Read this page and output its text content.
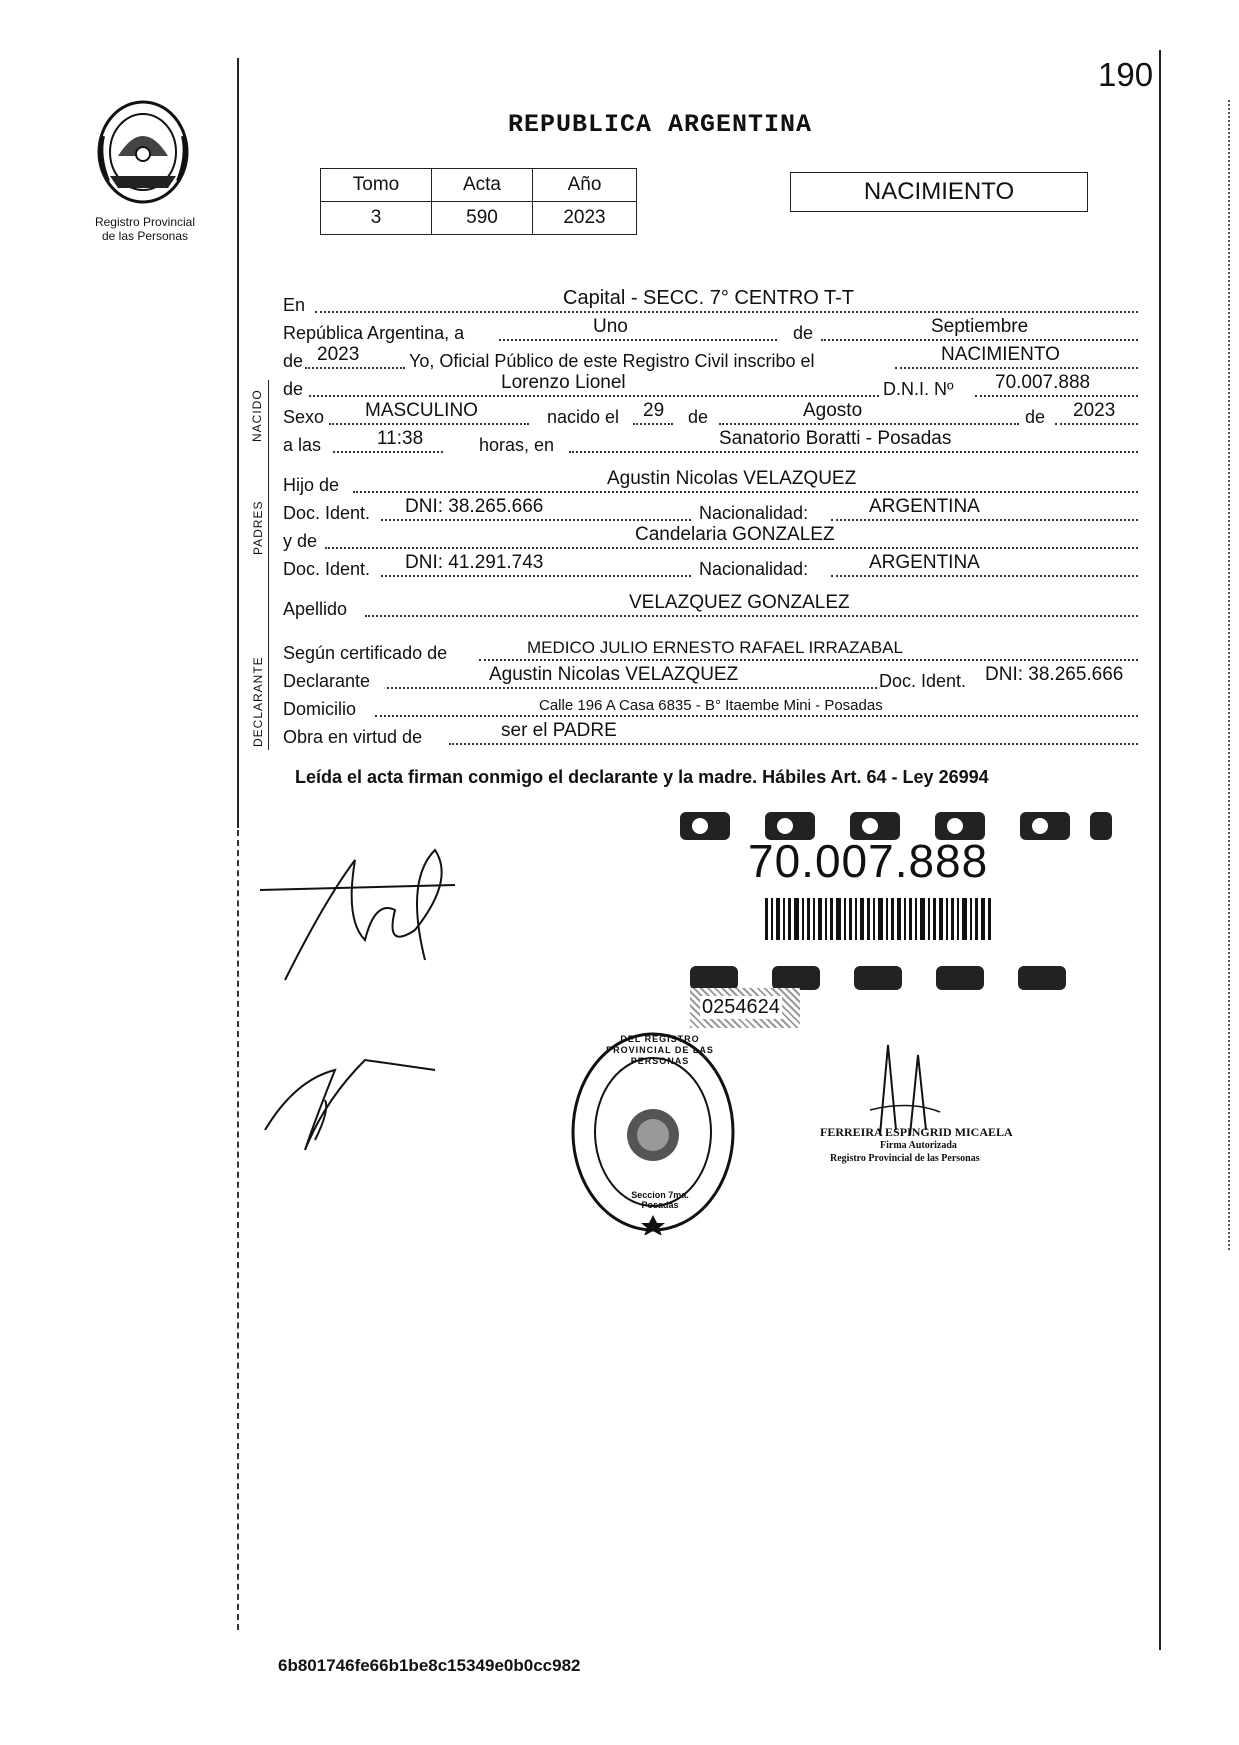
190
Registro Provincial
de las Personas
REPUBLICA ARGENTINA
Tomo	Acta	Año
3	590	2023
NACIMIENTO
NACIDO
PADRES
DECLARANTE
En	Capital - SECC. 7° CENTRO T-T
República Argentina, a	Uno	de	Septiembre
de 2023	Yo, Oficial Público de este Registro Civil inscribo el	NACIMIENTO
de	Lorenzo Lionel	D.N.I. Nº 70.007.888
Sexo MASCULINO	nacido el 29 de	Agosto	de 2023
a las	11:38	horas, en	Sanatorio Boratti - Posadas
Hijo de	Agustin Nicolas VELAZQUEZ
Doc. Ident. DNI: 38.265.666	Nacionalidad:	ARGENTINA
y de	Candelaria GONZALEZ
Doc. Ident. DNI: 41.291.743	Nacionalidad:	ARGENTINA
Apellido	VELAZQUEZ GONZALEZ
Según certificado de	MEDICO JULIO ERNESTO RAFAEL IRRAZABAL
Declarante	Agustin Nicolas VELAZQUEZ	Doc. Ident. DNI: 38.265.666
Domicilio	Calle 196 A Casa 6835 - B° Itaembe Mini - Posadas
Obra en virtud de	ser el PADRE
Leída el acta firman conmigo el declarante y la madre. Hábiles Art. 64 - Ley 26994
70.007.888
0254624
DEL REGISTRO PROVINCIAL DE LAS PERSONAS
Seccion 7ma. Posadas
FERREIRA ESPINGRID MICAELA
Firma Autorizada
Registro Provincial de las Personas
6b801746fe66b1be8c15349e0b0cc982
